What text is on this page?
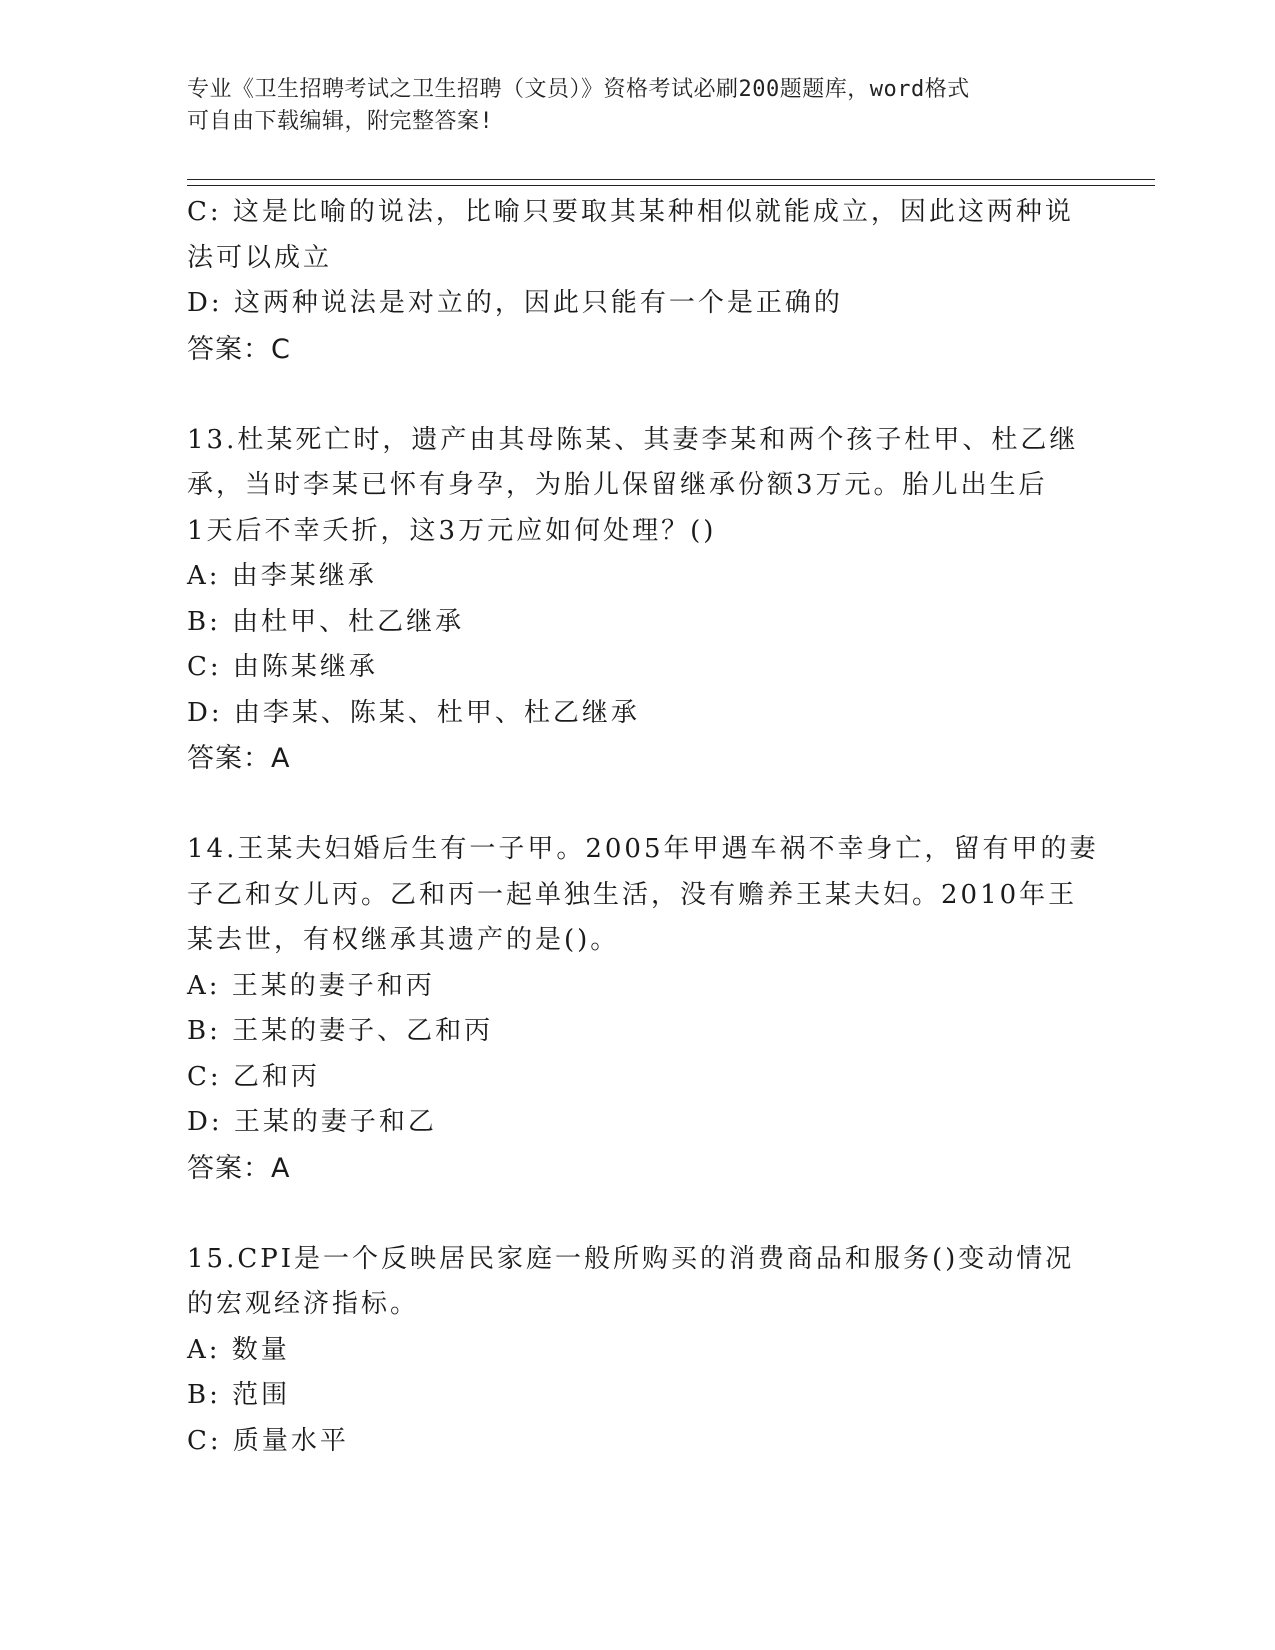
专业《卫生招聘考试之卫生招聘（文员）》资格考试必刷200题题库，word格式
可自由下载编辑，附完整答案!
C: 这是比喻的说法，比喻只要取其某种相似就能成立，因此这两种说
法可以成立
D: 这两种说法是对立的，因此只能有一个是正确的
答案：C
13.杜某死亡时，遗产由其母陈某、其妻李某和两个孩子杜甲、杜乙继
承，当时李某已怀有身孕，为胎儿保留继承份额3万元。胎儿出生后
1天后不幸夭折，这3万元应如何处理？()
A: 由李某继承
B: 由杜甲、杜乙继承
C: 由陈某继承
D: 由李某、陈某、杜甲、杜乙继承
答案：A
14.王某夫妇婚后生有一子甲。2005年甲遇车祸不幸身亡，留有甲的妻
子乙和女儿丙。乙和丙一起单独生活，没有赡养王某夫妇。2010年王
某去世，有权继承其遗产的是()。
A: 王某的妻子和丙
B: 王某的妻子、乙和丙
C: 乙和丙
D: 王某的妻子和乙
答案：A
15.CPI是一个反映居民家庭一般所购买的消费商品和服务()变动情况
的宏观经济指标。
A: 数量
B: 范围
C: 质量水平
